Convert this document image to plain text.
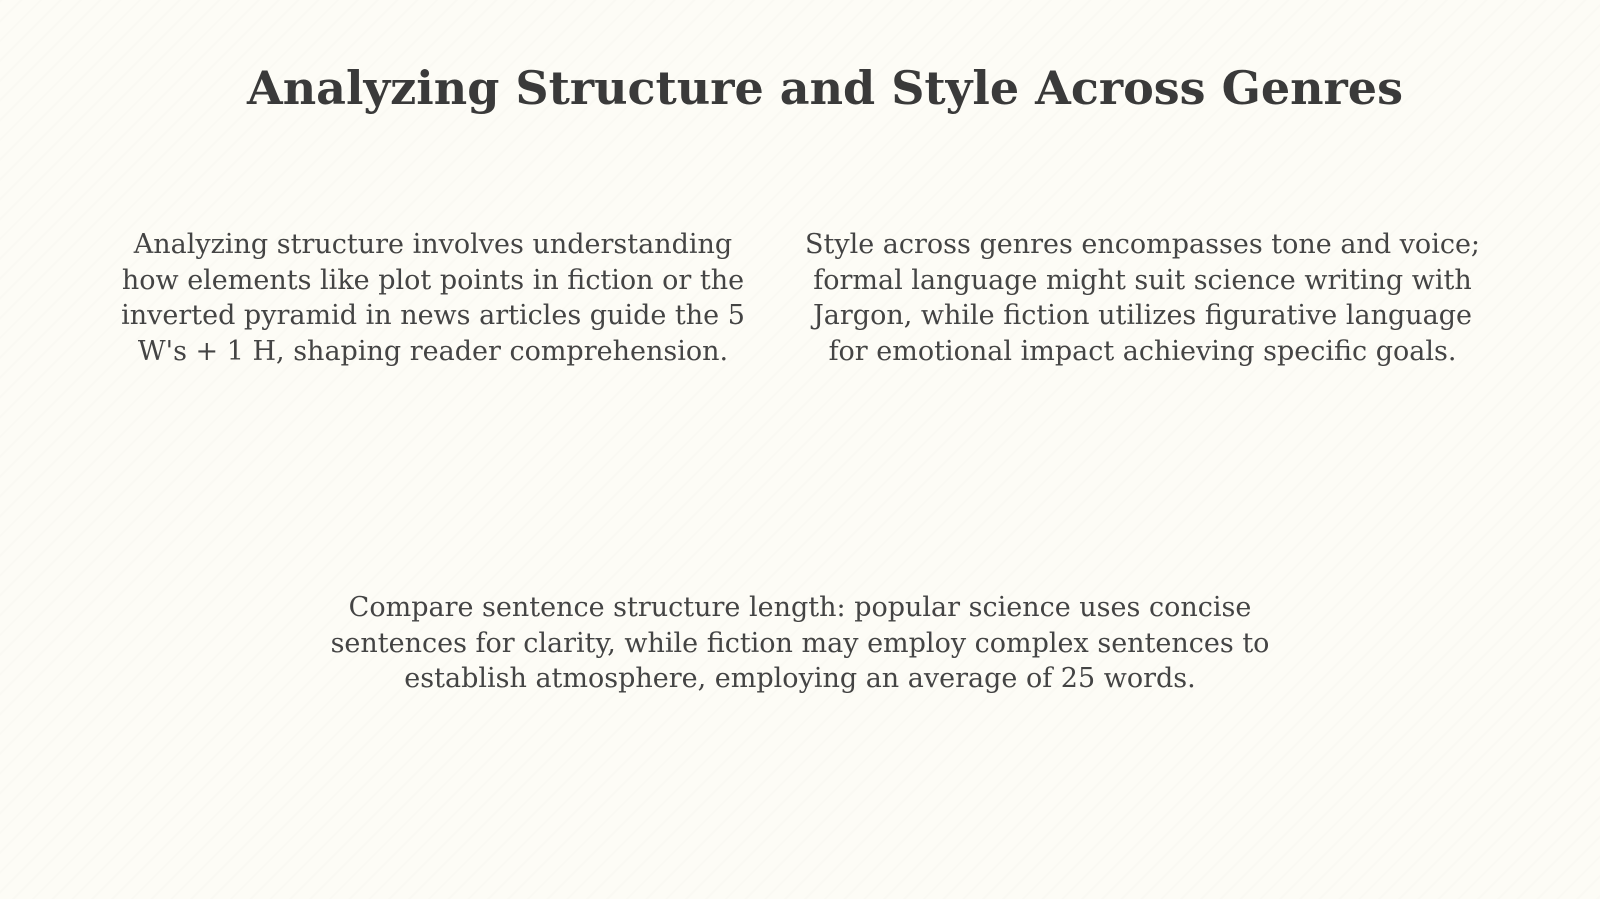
Analyzing Structure and Style Across Genres

Analyzing structure involves understanding how elements like plot points in fiction or the inverted pyramid in news articles guide the 5 W's + 1 H, shaping reader comprehension.

Style across genres encompasses tone and voice; formal language might suit science writing with Jargon, while fiction utilizes figurative language for emotional impact achieving specific goals.

Compare sentence structure length: popular science uses concise sentences for clarity, while fiction may employ complex sentences to establish atmosphere, employing an average of 25 words.
